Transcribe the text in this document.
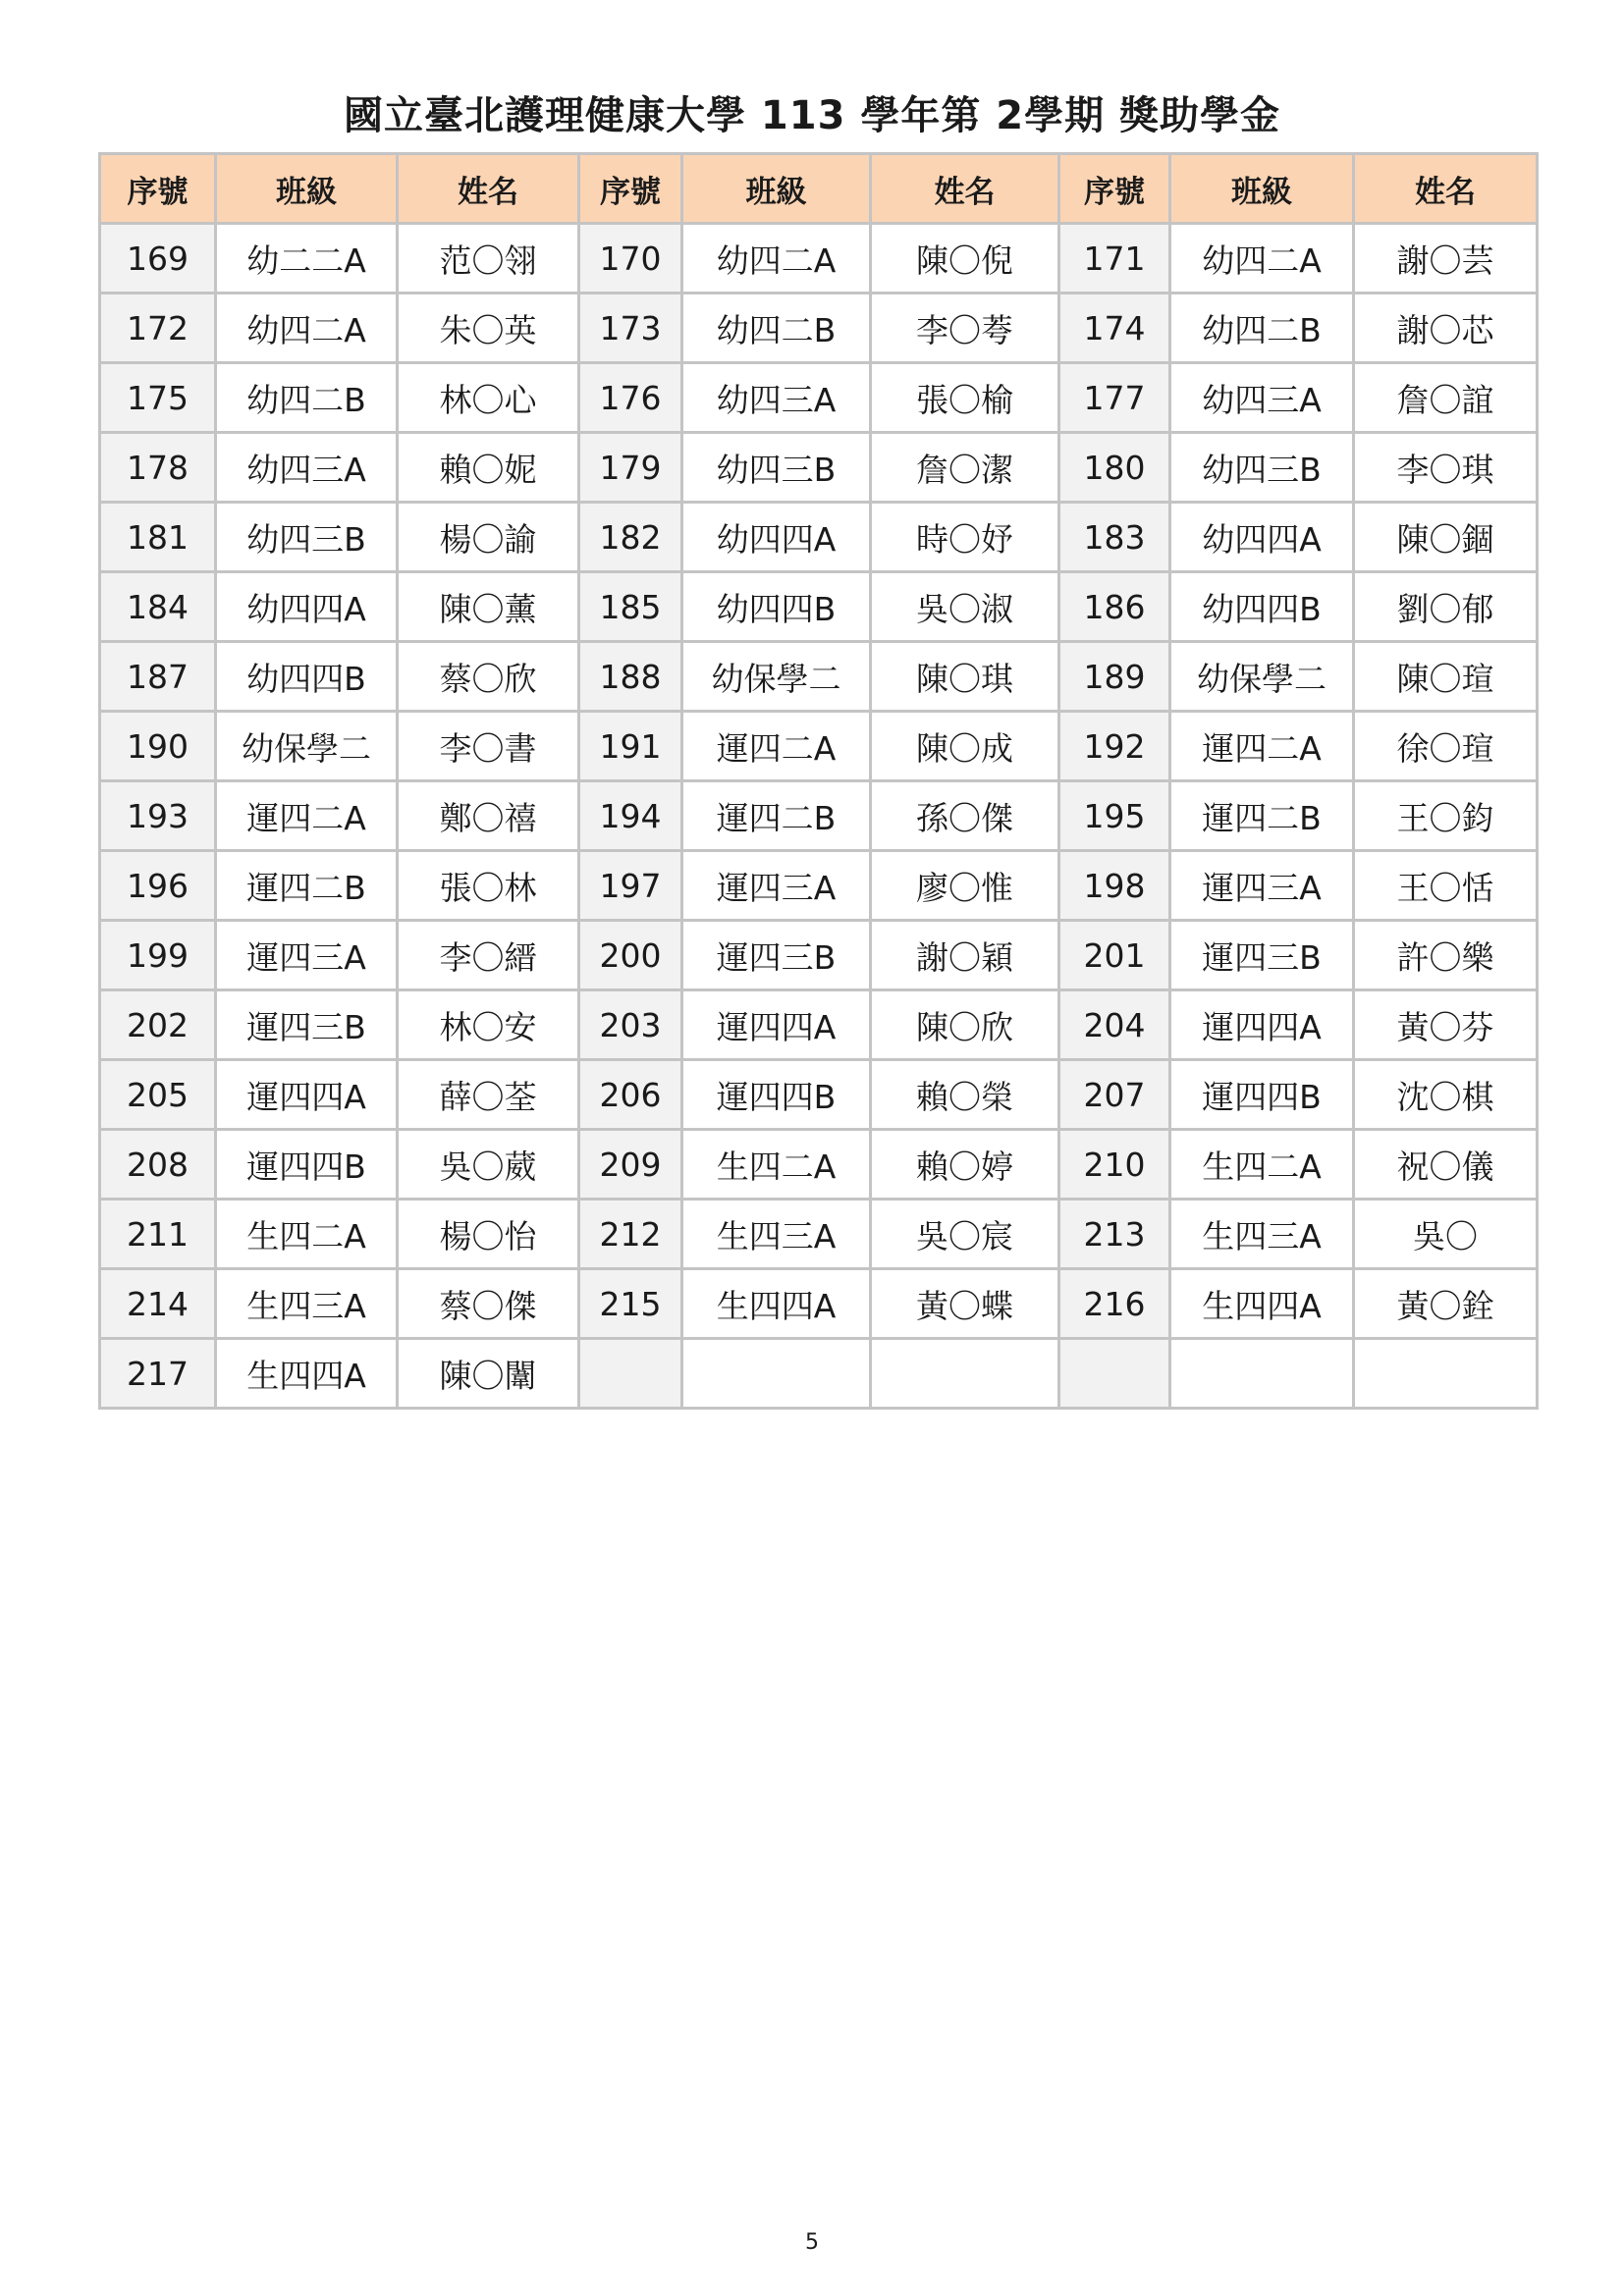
國立臺北護理健康大學 113 學年第 2學期 獎助學金
序號	班級	姓名	序號	班級	姓名	序號	班級	姓名
169	幼二二A	范〇翎	170	幼四二A	陳〇倪	171	幼四二A	謝〇芸
172	幼四二A	朱〇英	173	幼四二B	李〇荂	174	幼四二B	謝〇芯
175	幼四二B	林〇心	176	幼四三A	張〇榆	177	幼四三A	詹〇誼
178	幼四三A	賴〇妮	179	幼四三B	詹〇潔	180	幼四三B	李〇琪
181	幼四三B	楊〇諭	182	幼四四A	時〇妤	183	幼四四A	陳〇錮
184	幼四四A	陳〇薰	185	幼四四B	吳〇淑	186	幼四四B	劉〇郁
187	幼四四B	蔡〇欣	188	幼保學二	陳〇琪	189	幼保學二	陳〇瑄
190	幼保學二	李〇書	191	運四二A	陳〇成	192	運四二A	徐〇瑄
193	運四二A	鄭〇禧	194	運四二B	孫〇傑	195	運四二B	王〇鈞
196	運四二B	張〇林	197	運四三A	廖〇惟	198	運四三A	王〇恬
199	運四三A	李〇縉	200	運四三B	謝〇穎	201	運四三B	許〇樂
202	運四三B	林〇安	203	運四四A	陳〇欣	204	運四四A	黃〇芬
205	運四四A	薛〇荃	206	運四四B	賴〇榮	207	運四四B	沈〇棋
208	運四四B	吳〇葳	209	生四二A	賴〇婷	210	生四二A	祝〇儀
211	生四二A	楊〇怡	212	生四三A	吳〇宸	213	生四三A	吳〇
214	生四三A	蔡〇傑	215	生四四A	黃〇蝶	216	生四四A	黃〇銓
217	生四四A	陳〇闈						
5
